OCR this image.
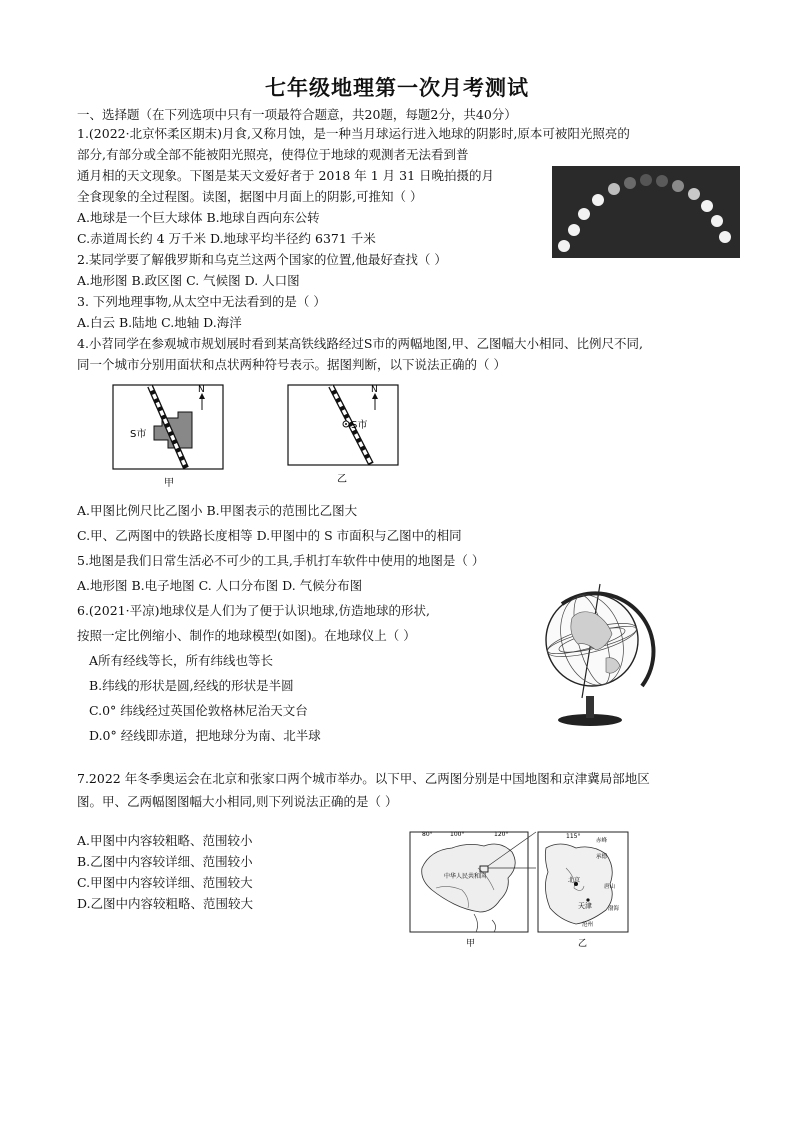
七年级地理第一次月考测试
一、选择题（在下列选项中只有一项最符合题意，共20题，每题2分，共40分）
1.(2022·北京怀柔区期末)月食,又称月蚀，是一种当月球运行进入地球的阴影时,原本可被阳光照亮的
部分,有部分或全部不能被阳光照亮，使得位于地球的观测者无法看到普
通月相的天文现象。下图是某天文爱好者于 2018 年 1 月 31 日晚拍摄的月
全食现象的全过程图。读图，据图中月面上的阴影,可推知（ ）
A.地球是一个巨大球体 B.地球自西向东公转
C.赤道周长约 4 万千米 D.地球平均半径约 6371 千米
2.某同学要了解俄罗斯和乌克兰这两个国家的位置,他最好查找（ ）
A.地形图 B.政区图 C. 气候图 D. 人口图
3. 下列地理事物,从太空中无法看到的是（ ）
A.白云 B.陆地 C.地轴 D.海洋
4.小苕同学在参观城市规划展时看到某高铁线路经过S市的两幅地图,甲、乙图幅大小相同、比例尺不同,
同一个城市分别用面状和点状两种符号表示。据图判断，以下说法正确的（ ）
N
S市
甲
N
S市
乙
A.甲图比例尺比乙图小 B.甲图表示的范围比乙图大
C.甲、乙两图中的铁路长度相等 D.甲图中的 S 市面积与乙图中的相同
5.地图是我们日常生活必不可少的工具,手机打车软件中使用的地图是（ ）
A.地形图 B.电子地图 C. 人口分布图 D. 气候分布图
6.(2021·平凉)地球仪是人们为了便于认识地球,仿造地球的形状,
按照一定比例缩小、制作的地球模型(如图)。在地球仪上（ ）
A所有经线等长，所有纬线也等长
B.纬线的形状是圆,经线的形状是半圆
C.0° 纬线经过英国伦敦格林尼治天文台
D.0° 经线即赤道，把地球分为南、北半球
7.2022 年冬季奥运会在北京和张家口两个城市举办。以下甲、乙两图分别是中国地图和京津冀局部地区
图。甲、乙两幅图图幅大小相同,则下列说法正确的是（ ）
A.甲图中内容较粗略、范围较小
B.乙图中内容较详细、范围较小
C.甲图中内容较详细、范围较大
D.乙图中内容较粗略、范围较大
80°	100°	120°
中华人民共和国
甲
115°
赤峰
承德
北京
唐山
天津	渤海
沧州
乙
